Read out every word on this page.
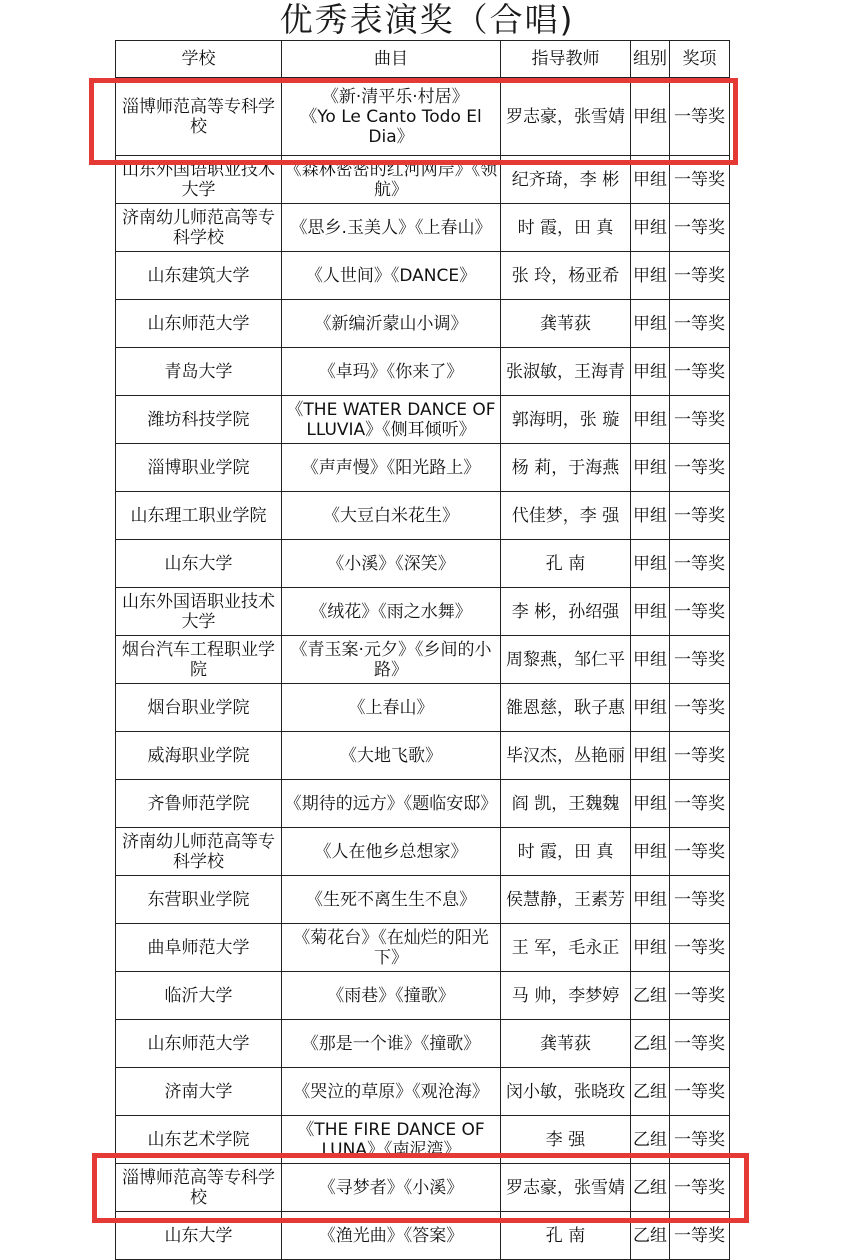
优秀表演奖（合唱)
学校	曲目	指导教师	组别	奖项
淄博师范高等专科学校	《新·清平乐·村居》　　　《Yo Le Canto Todo El Dia》	罗志豪，张雪婧	甲组	一等奖
山东外国语职业技术大学	《森林密密的红河网岸》《领航》	纪齐琦，李 彬	甲组	一等奖
济南幼儿师范高等专科学校	《思乡.玉美人》《上春山》	时 霞，田 真	甲组	一等奖
山东建筑大学	《人世间》《DANCE》	张 玲，杨亚希	甲组	一等奖
山东师范大学	《新编沂蒙山小调》	龚苇荻	甲组	一等奖
青岛大学	《卓玛》《你来了》	张淑敏，王海青	甲组	一等奖
潍坊科技学院	《THE WATER DANCE OF LLUVIA》《侧耳倾听》	郭海明，张 璇	甲组	一等奖
淄博职业学院	《声声慢》《阳光路上》	杨 莉，于海燕	甲组	一等奖
山东理工职业学院	《大豆白米花生》	代佳梦，李 强	甲组	一等奖
山东大学	《小溪》《深笑》	孔 南	甲组	一等奖
山东外国语职业技术大学	《绒花》《雨之水舞》	李 彬，孙绍强	甲组	一等奖
烟台汽车工程职业学院	《青玉案·元夕》《乡间的小路》	周黎燕，邹仁平	甲组	一等奖
烟台职业学院	《上春山》	雒恩慈，耿子惠	甲组	一等奖
威海职业学院	《大地飞歌》	毕汉杰，丛艳丽	甲组	一等奖
齐鲁师范学院	《期待的远方》《题临安邸》	阎 凯，王魏魏	甲组	一等奖
济南幼儿师范高等专科学校	《人在他乡总想家》	时 霞，田 真	甲组	一等奖
东营职业学院	《生死不离生生不息》	侯慧静，王素芳	甲组	一等奖
曲阜师范大学	《菊花台》《在灿烂的阳光下》	王 军，毛永正	甲组	一等奖
临沂大学	《雨巷》《撞歌》	马 帅，李梦婷	乙组	一等奖
山东师范大学	《那是一个谁》《撞歌》	龚苇荻	乙组	一等奖
济南大学	《哭泣的草原》《观沧海》	闵小敏，张晓玫	乙组	一等奖
山东艺术学院	《THE FIRE DANCE OF LUNA》《南泥湾》	李 强	乙组	一等奖
淄博师范高等专科学校	《寻梦者》《小溪》	罗志豪，张雪婧	乙组	一等奖
山东大学	《渔光曲》《答案》	孔 南	乙组	一等奖
